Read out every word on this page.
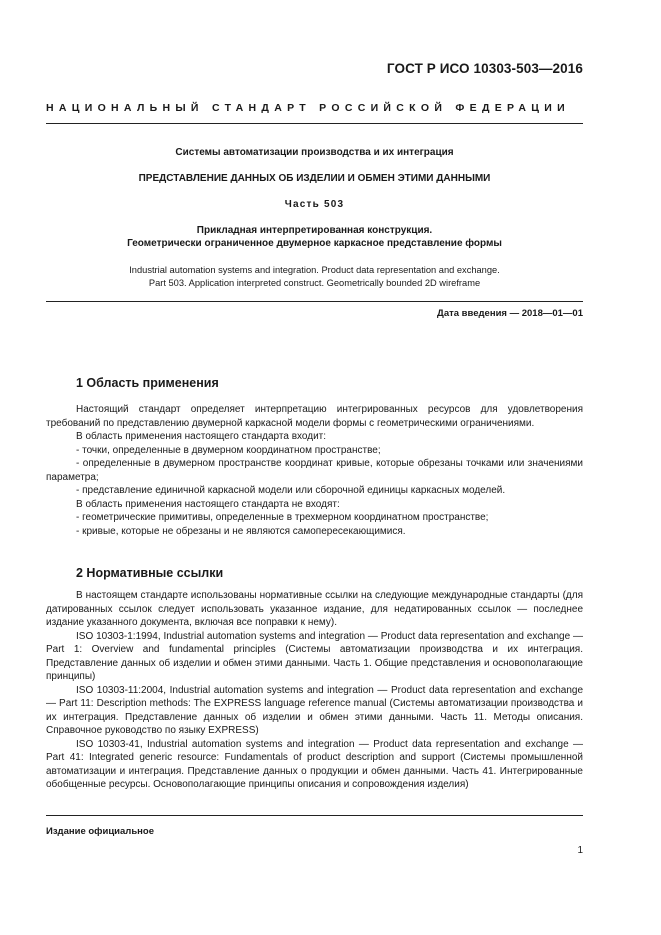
ГОСТ Р ИСО 10303-503—2016
НАЦИОНАЛЬНЫЙ СТАНДАРТ РОССИЙСКОЙ ФЕДЕРАЦИИ
Системы автоматизации производства и их интеграция
ПРЕДСТАВЛЕНИЕ ДАННЫХ ОБ ИЗДЕЛИИ И ОБМЕН ЭТИМИ ДАННЫМИ
Часть 503
Прикладная интерпретированная конструкция.
Геометрически ограниченное двумерное каркасное представление формы
Industrial automation systems and integration. Product data representation and exchange.
Part 503. Application interpreted construct. Geometrically bounded 2D wireframe
Дата введения — 2018—01—01
1 Область применения

Настоящий стандарт определяет интерпретацию интегрированных ресурсов для удовлетворения требований по представлению двумерной каркасной модели формы с геометрическими ограничениями.

В область применения настоящего стандарта входит:

- точки, определенные в двумерном координатном пространстве;

- определенные в двумерном пространстве координат кривые, которые обрезаны точками или значениями параметра;

- представление единичной каркасной модели или сборочной единицы каркасных моделей.

В область применения настоящего стандарта не входят:

- геометрические примитивы, определенные в трехмерном координатном пространстве;

- кривые, которые не обрезаны и не являются самопересекающимися.

2 Нормативные ссылки

В настоящем стандарте использованы нормативные ссылки на следующие международные стандарты (для датированных ссылок следует использовать указанное издание, для недатированных ссылок — последнее издание указанного документа, включая все поправки к нему).

ISO 10303-1:1994, Industrial automation systems and integration — Product data representation and exchange — Part 1: Overview and fundamental principles (Системы автоматизации производства и их интеграция. Представление данных об изделии и обмен этими данными. Часть 1. Общие представления и основополагающие принципы)

ISO 10303-11:2004, Industrial automation systems and integration — Product data representation and exchange — Part 11: Description methods: The EXPRESS language reference manual (Системы автоматизации производства и их интеграция. Представление данных об изделии и обмен этими данными. Часть 11. Методы описания. Справочное руководство по языку EXPRESS)

ISO 10303-41, Industrial automation systems and integration — Product data representation and exchange — Part 41: Integrated generic resource: Fundamentals of product description and support (Системы промышленной автоматизации и интеграция. Представление данных о продукции и обмен данными. Часть 41. Интегрированные обобщенные ресурсы. Основополагающие принципы описания и сопровождения изделия)

Издание официальное
1
